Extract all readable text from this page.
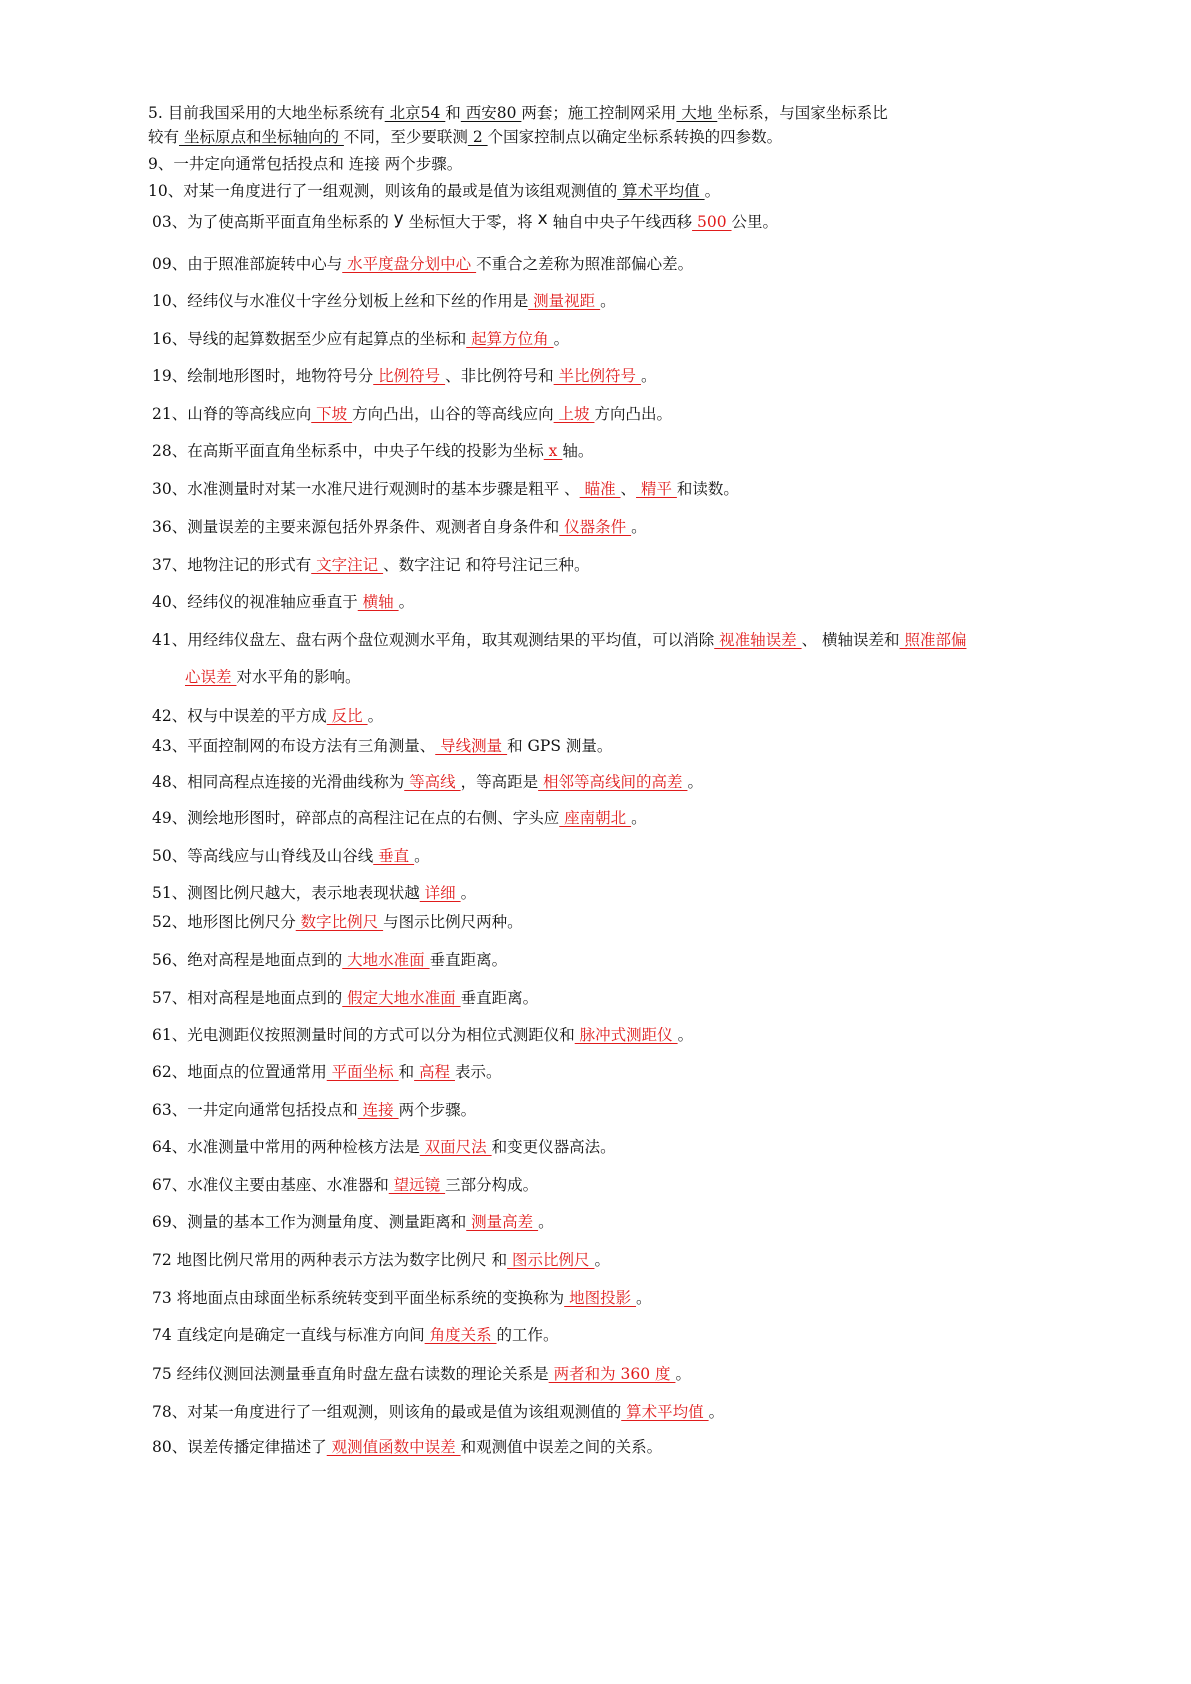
5. 目前我国采用的大地坐标系统有 北京54 和 西安80 两套；施工控制网采用 大地 坐标系，与国家坐标系比
较有 坐标原点和坐标轴向的 不同，至少要联测 2 个国家控制点以确定坐标系转换的四参数。
9、一井定向通常包括投点和 连接 两个步骤。
10、对某一角度进行了一组观测，则该角的最或是值为该组观测值的 算术平均值 。
03、为了使高斯平面直角坐标系的 y 坐标恒大于零，将 x 轴自中央子午线西移 500 公里。
09、由于照准部旋转中心与 水平度盘分划中心 不重合之差称为照准部偏心差。
10、经纬仪与水准仪十字丝分划板上丝和下丝的作用是 测量视距 。
16、导线的起算数据至少应有起算点的坐标和 起算方位角 。
19、绘制地形图时，地物符号分 比例符号 、非比例符号和 半比例符号 。
21、山脊的等高线应向 下坡 方向凸出，山谷的等高线应向 上坡 方向凸出。
28、在高斯平面直角坐标系中，中央子午线的投影为坐标 x 轴。
30、水准测量时对某一水准尺进行观测时的基本步骤是粗平 、 瞄准 、 精平 和读数。
36、测量误差的主要来源包括外界条件、观测者自身条件和 仪器条件 。
37、地物注记的形式有 文字注记 、数字注记 和符号注记三种。
40、经纬仪的视准轴应垂直于 横轴 。
41、用经纬仪盘左、盘右两个盘位观测水平角，取其观测结果的平均值，可以消除 视准轴误差 、 横轴误差和 照准部偏
心误差 对水平角的影响。
42、权与中误差的平方成 反比 。
43、平面控制网的布设方法有三角测量、 导线测量 和 GPS 测量。
48、相同高程点连接的光滑曲线称为 等高线 ，等高距是 相邻等高线间的高差 。
49、测绘地形图时，碎部点的高程注记在点的右侧、字头应 座南朝北 。
50、等高线应与山脊线及山谷线 垂直 。
51、测图比例尺越大，表示地表现状越 详细 。
52、地形图比例尺分 数字比例尺 与图示比例尺两种。
56、绝对高程是地面点到的 大地水准面 垂直距离。
57、相对高程是地面点到的 假定大地水准面 垂直距离。
61、光电测距仪按照测量时间的方式可以分为相位式测距仪和 脉冲式测距仪 。
62、地面点的位置通常用 平面坐标 和 高程 表示。
63、一井定向通常包括投点和 连接 两个步骤。
64、水准测量中常用的两种检核方法是 双面尺法 和变更仪器高法。
67、水准仪主要由基座、水准器和 望远镜 三部分构成。
69、测量的基本工作为测量角度、测量距离和 测量高差 。
72 地图比例尺常用的两种表示方法为数字比例尺 和 图示比例尺 。
73 将地面点由球面坐标系统转变到平面坐标系统的变换称为 地图投影 。
74 直线定向是确定一直线与标准方向间 角度关系 的工作。
75 经纬仪测回法测量垂直角时盘左盘右读数的理论关系是 两者和为 360 度 。
78、对某一角度进行了一组观测，则该角的最或是值为该组观测值的 算术平均值 。
80、误差传播定律描述了 观测值函数中误差 和观测值中误差之间的关系。
